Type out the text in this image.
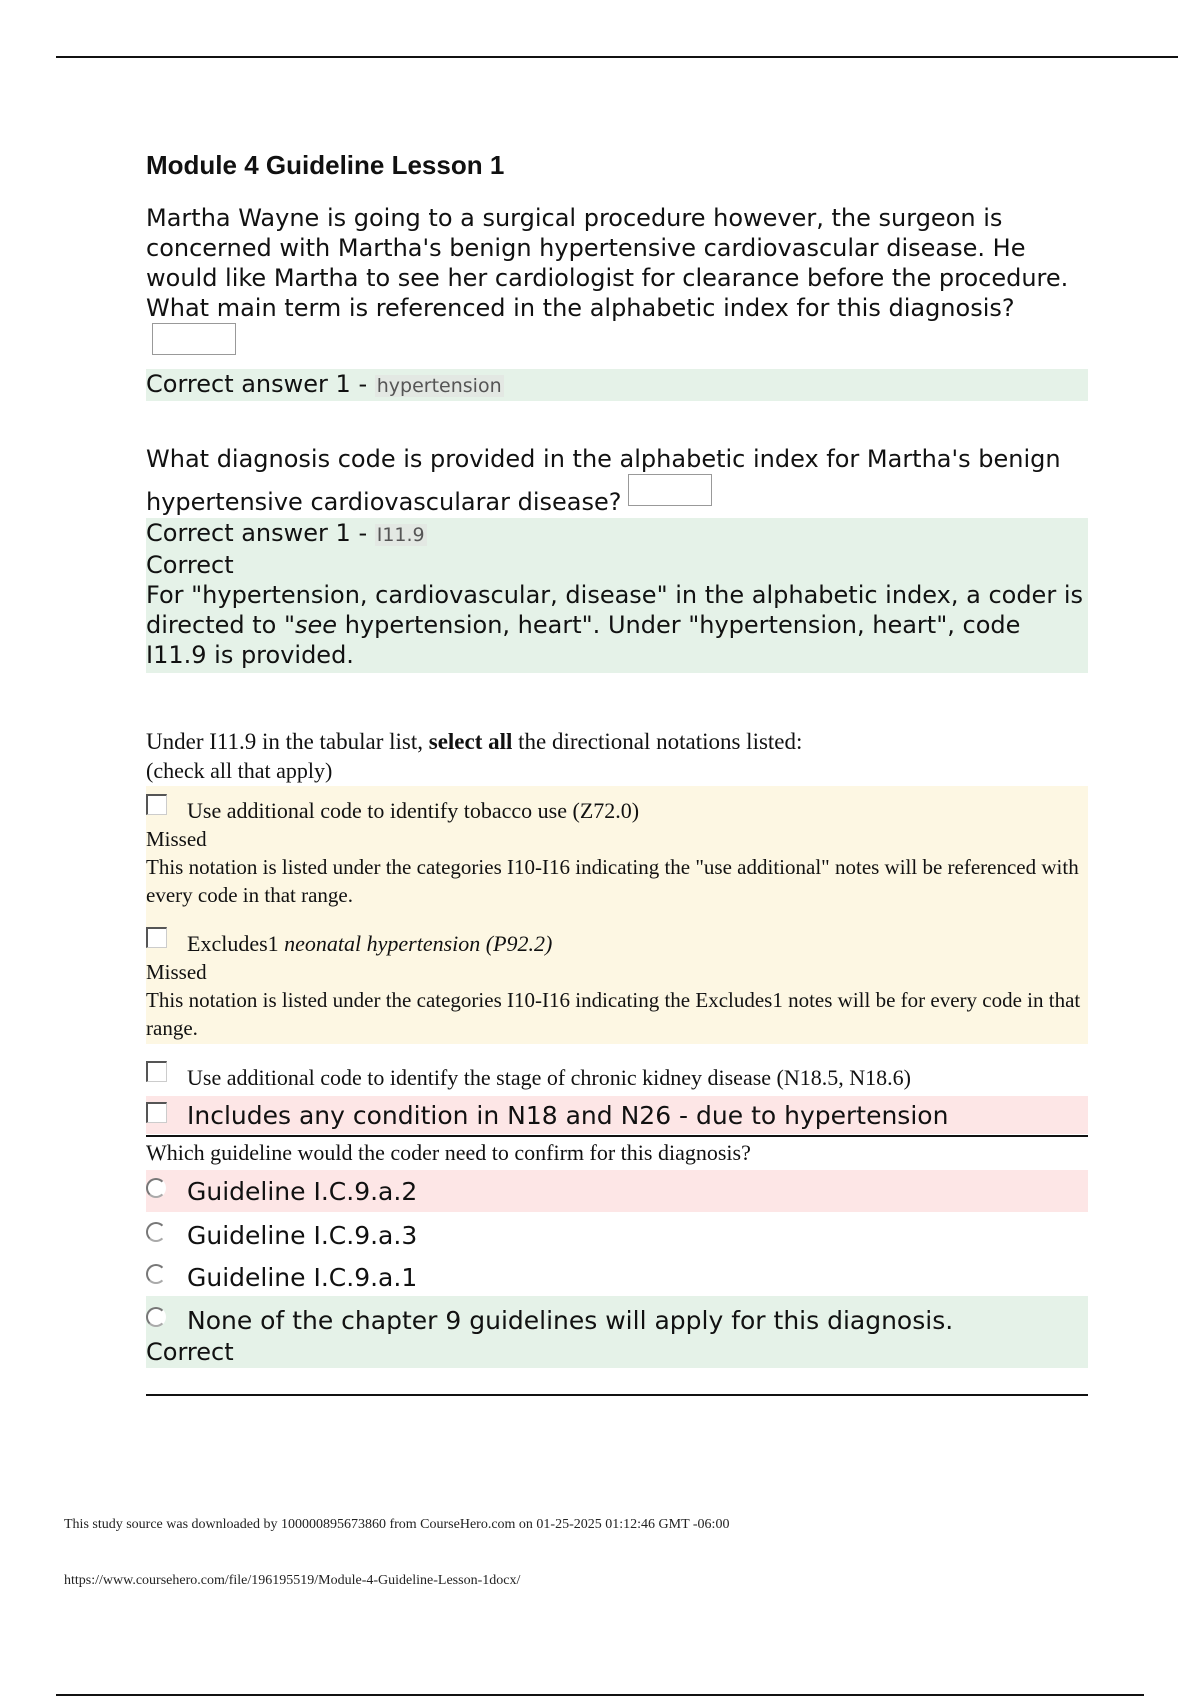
Module 4 Guideline Lesson 1
Martha Wayne is going to a surgical procedure however, the surgeon is concerned with Martha's benign hypertensive cardiovascular disease. He would like Martha to see her cardiologist for clearance before the procedure. What main term is referenced in the alphabetic index for this diagnosis?
Correct answer 1 - hypertension
What diagnosis code is provided in the alphabetic index for Martha's benign hypertensive cardiovascularar disease?
Correct answer 1 - I11.9
Correct
For "hypertension, cardiovascular, disease" in the alphabetic index, a coder is directed to "see hypertension, heart". Under "hypertension, heart", code I11.9 is provided.
Under I11.9 in the tabular list, select all the directional notations listed:
(check all that apply)
Use additional code to identify tobacco use (Z72.0)
Missed
This notation is listed under the categories I10-I16 indicating the "use additional" notes will be referenced with every code in that range.
Excludes1 neonatal hypertension (P92.2)
Missed
This notation is listed under the categories I10-I16 indicating the Excludes1 notes will be for every code in that range.
Use additional code to identify the stage of chronic kidney disease (N18.5, N18.6)
Includes any condition in N18 and N26 - due to hypertension
Which guideline would the coder need to confirm for this diagnosis?
Guideline I.C.9.a.2
Guideline I.C.9.a.3
Guideline I.C.9.a.1
None of the chapter 9 guidelines will apply for this diagnosis.
Correct
This study source was downloaded by 100000895673860 from CourseHero.com on 01-25-2025 01:12:46 GMT -06:00
https://www.coursehero.com/file/196195519/Module-4-Guideline-Lesson-1docx/
